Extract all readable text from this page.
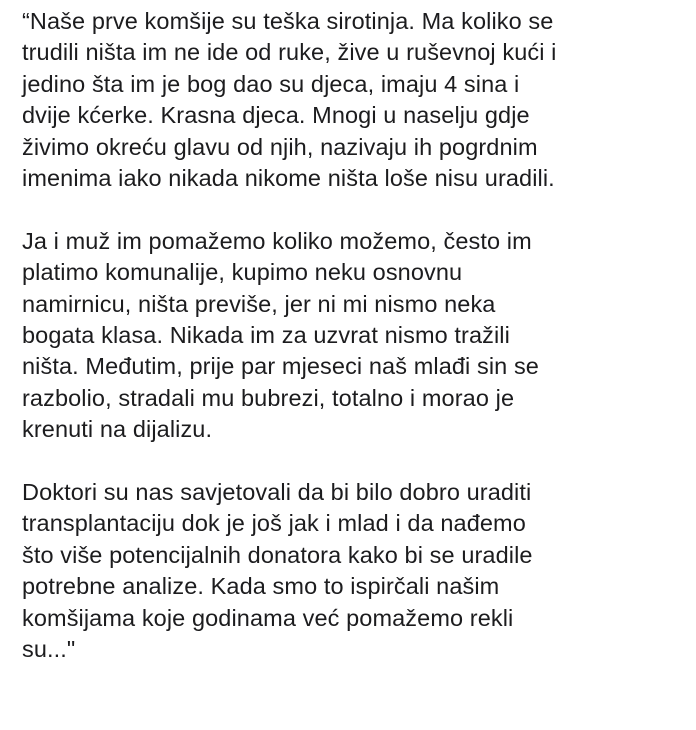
“Naše prve komšije su teška sirotinja. Ma koliko se
trudili ništa im ne ide od ruke, žive u ruševnoj kući i
jedino šta im je bog dao su djeca, imaju 4 sina i
dvije kćerke. Krasna djeca. Mnogi u naselju gdje
živimo okreću glavu od njih, nazivaju ih pogrdnim
imenima iako nikada nikome ništa loše nisu uradili.

Ja i muž im pomažemo koliko možemo, često im
platimo komunalije, kupimo neku osnovnu
namirnicu, ništa previše, jer ni mi nismo neka
bogata klasa. Nikada im za uzvrat nismo tražili
ništa. Međutim, prije par mjeseci naš mlađi sin se
razbolio, stradali mu bubrezi, totalno i morao je
krenuti na dijalizu.

Doktori su nas savjetovali da bi bilo dobro uraditi
transplantaciju dok je još jak i mlad i da nađemo
što više potencijalnih donatora kako bi se uradile
potrebne analize. Kada smo to ispirčali našim
komšijama koje godinama već pomažemo rekli
su..."
